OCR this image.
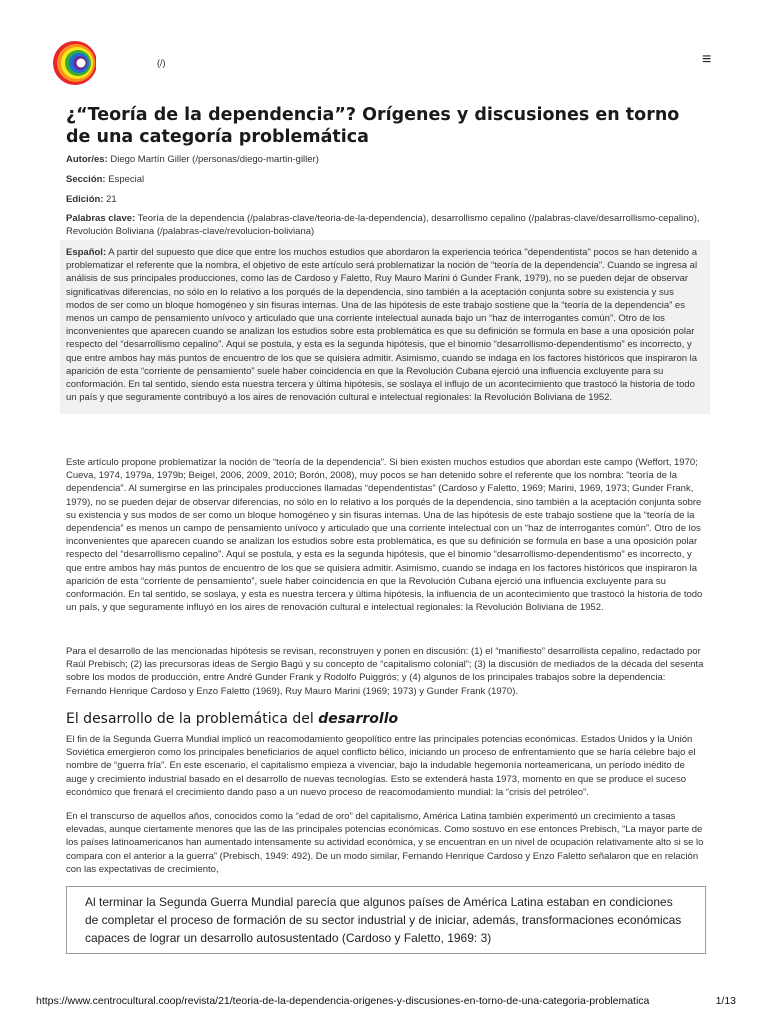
(/)	≡
¿“Teoría de la dependencia”? Orígenes y discusiones en torno de una categoría problemática
Autor/es: Diego Martín Giller (/personas/diego-martin-giller)
Sección: Especial
Edición: 21
Palabras clave: Teoría de la dependencia (/palabras-clave/teoria-de-la-dependencia), desarrollismo cepalino (/palabras-clave/desarrollismo-cepalino), Revolución Boliviana (/palabras-clave/revolucion-boliviana)
Español: A partir del supuesto que dice que entre los muchos estudios que abordaron la experiencia teórica "dependentista" pocos se han detenido a problematizar el referente que la nombra, el objetivo de este artículo será problematizar la noción de “teoría de la dependencia”. Cuando se ingresa al análisis de sus principales producciones, como las de Cardoso y Faletto, Ruy Mauro Marini ó Gunder Frank, 1979), no se pueden dejar de observar significativas diferencias, no sólo en lo relativo a los porqués de la dependencia, sino también a la aceptación conjunta sobre su existencia y sus modos de ser como un bloque homogéneo y sin fisuras internas. Una de las hipótesis de este trabajo sostiene que la “teoría de la dependencia” es menos un campo de pensamiento unívoco y articulado que una corriente intelectual aunada bajo un “haz de interrogantes común”. Otro de los inconvenientes que aparecen cuando se analizan los estudios sobre esta problemática es que su definición se formula en base a una oposición polar respecto del “desarrollismo cepalino”. Aquí se postula, y esta es la segunda hipótesis, que el binomio “desarrollismo-dependentismo” es incorrecto, y que entre ambos hay más puntos de encuentro de los que se quisiera admitir. Asimismo, cuando se indaga en los factores históricos que inspiraron la aparición de esta “corriente de pensamiento” suele haber coincidencia en que la Revolución Cubana ejerció una influencia excluyente para su conformación. En tal sentido, siendo esta nuestra tercera y última hipótesis, se soslaya el influjo de un acontecimiento que trastocó la historia de todo un país y que seguramente contribuyó a los aires de renovación cultural e intelectual regionales: la Revolución Boliviana de 1952.

Este artículo propone problematizar la noción de “teoría de la dependencia”. Si bien existen muchos estudios que abordan este campo (Weffort, 1970; Cueva, 1974, 1979a, 1979b; Beigel, 2006, 2009, 2010; Borón, 2008), muy pocos se han detenido sobre el referente que los nombra: “teoría de la dependencia”. Al sumergirse en las principales producciones llamadas “dependentistas” (Cardoso y Faletto, 1969; Marini, 1969, 1973; Gunder Frank, 1979), no se pueden dejar de observar diferencias, no sólo en lo relativo a los porqués de la dependencia, sino también a la aceptación conjunta sobre su existencia y sus modos de ser como un bloque homogéneo y sin fisuras internas. Una de las hipótesis de este trabajo sostiene que la “teoría de la dependencia” es menos un campo de pensamiento unívoco y articulado que una corriente intelectual con un “haz de interrogantes común”. Otro de los inconvenientes que aparecen cuando se analizan los estudios sobre esta problemática, es que su definición se formula en base a una oposición polar respecto del “desarrollismo cepalino”. Aquí se postula, y esta es la segunda hipótesis, que el binomio “desarrollismo-dependentismo” es incorrecto, y que entre ambos hay más puntos de encuentro de los que se quisiera admitir. Asimismo, cuando se indaga en los factores históricos que inspiraron la aparición de esta “corriente de pensamiento”, suele haber coincidencia en que la Revolución Cubana ejerció una influencia excluyente para su conformación. En tal sentido, se soslaya, y esta es nuestra tercera y última hipótesis, la influencia de un acontecimiento que trastocó la historia de todo un país, y que seguramente influyó en los aires de renovación cultural e intelectual regionales: la Revolución Boliviana de 1952.

Para el desarrollo de las mencionadas hipótesis se revisan, reconstruyen y ponen en discusión: (1) el “manifiesto” desarrollista cepalino, redactado por Raúl Prebisch; (2) las precursoras ideas de Sergio Bagú y su concepto de “capitalismo colonial”; (3) la discusión de mediados de la década del sesenta sobre los modos de producción, entre André Gunder Frank y Rodolfo Puiggrós; y (4) algunos de los principales trabajos sobre la dependencia: Fernando Henrique Cardoso y Enzo Faletto (1969), Ruy Mauro Marini (1969; 1973) y Gunder Frank (1970).

El desarrollo de la problemática del desarrollo

El fin de la Segunda Guerra Mundial implicó un reacomodamiento geopolítico entre las principales potencias económicas. Estados Unidos y la Unión Soviética emergieron como los principales beneficiarios de aquel conflicto bélico, iniciando un proceso de enfrentamiento que se haría célebre bajo el nombre de “guerra fría”. En este escenario, el capitalismo empieza a vivenciar, bajo la indudable hegemonía norteamericana, un período inédito de auge y crecimiento industrial basado en el desarrollo de nuevas tecnologías. Esto se extenderá hasta 1973, momento en que se produce el suceso económico que frenará el crecimiento dando paso a un nuevo proceso de reacomodamiento mundial: la “crisis del petróleo”.

En el transcurso de aquellos años, conocidos como la “edad de oro” del capitalismo, América Latina también experimentó un crecimiento a tasas elevadas, aunque ciertamente menores que las de las principales potencias económicas. Como sostuvo en ese entonces Prebisch, “La mayor parte de los países latinoamericanos han aumentado intensamente su actividad económica, y se encuentran en un nivel de ocupación relativamente alto si se lo compara con el anterior a la guerra” (Prebisch, 1949: 492). De un modo similar, Fernando Henrique Cardoso y Enzo Faletto señalaron que en relación con las expectativas de crecimiento,

Al terminar la Segunda Guerra Mundial parecía que algunos países de América Latina estaban en condiciones de completar el proceso de formación de su sector industrial y de iniciar, además, transformaciones económicas capaces de lograr un desarrollo autosustentado (Cardoso y Faletto, 1969: 3)
https://www.centrocultural.coop/revista/21/teoria-de-la-dependencia-origenes-y-discusiones-en-torno-de-una-categoria-problematica	1/13
